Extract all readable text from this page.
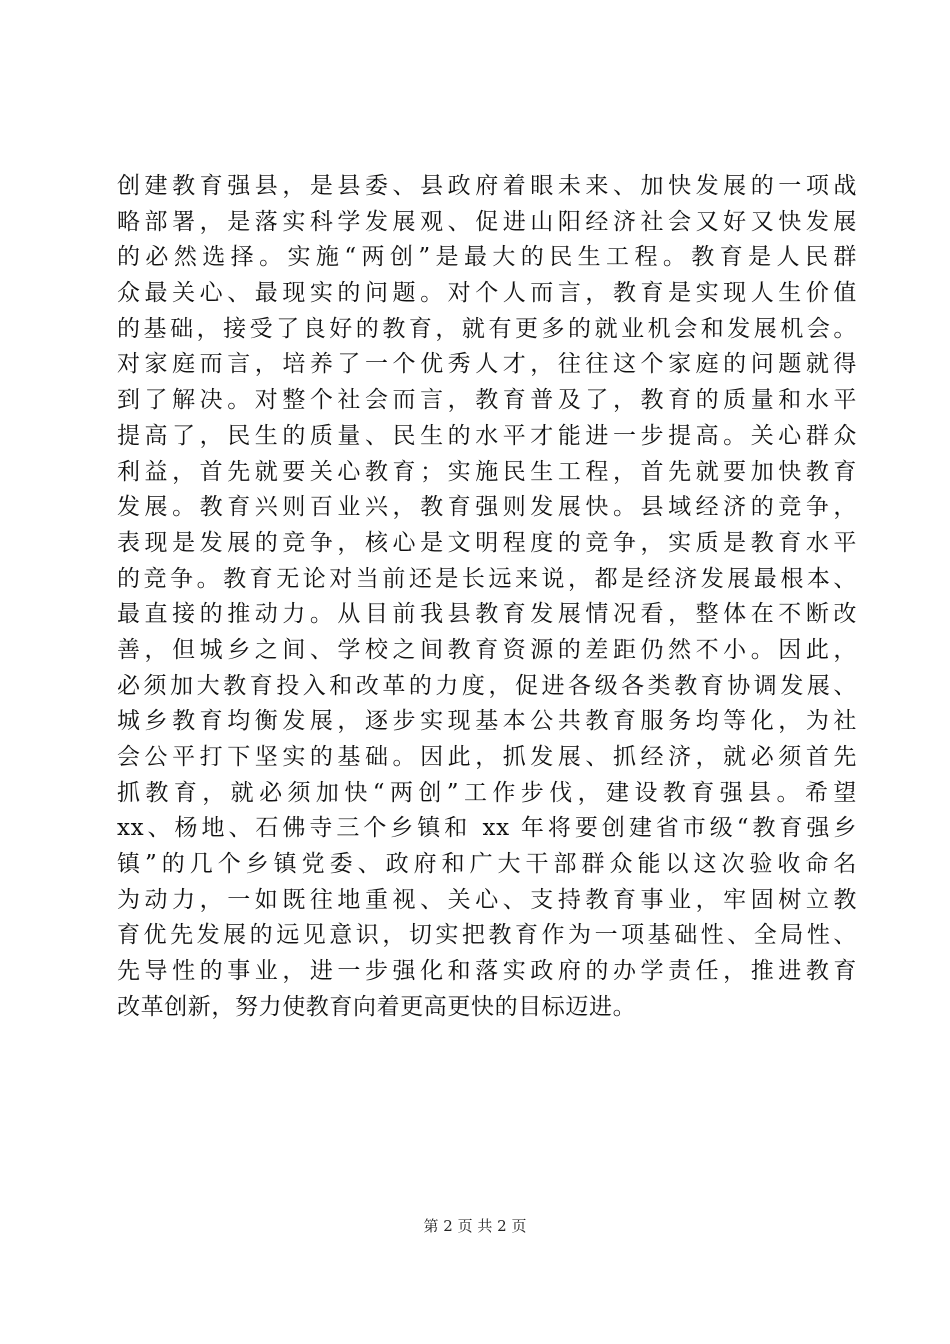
创建教育强县，是县委、县政府着眼未来、加快发展的一项战
略部署，是落实科学发展观、促进山阳经济社会又好又快发展
的必然选择。实施“两创”是最大的民生工程。教育是人民群
众最关心、最现实的问题。对个人而言，教育是实现人生价值
的基础，接受了良好的教育，就有更多的就业机会和发展机会。
对家庭而言，培养了一个优秀人才，往往这个家庭的问题就得
到了解决。对整个社会而言，教育普及了，教育的质量和水平
提高了，民生的质量、民生的水平才能进一步提高。关心群众
利益，首先就要关心教育；实施民生工程，首先就要加快教育
发展。教育兴则百业兴，教育强则发展快。县域经济的竞争，
表现是发展的竞争，核心是文明程度的竞争，实质是教育水平
的竞争。教育无论对当前还是长远来说，都是经济发展最根本、
最直接的推动力。从目前我县教育发展情况看，整体在不断改
善，但城乡之间、学校之间教育资源的差距仍然不小。因此，
必须加大教育投入和改革的力度，促进各级各类教育协调发展、
城乡教育均衡发展，逐步实现基本公共教育服务均等化，为社
会公平打下坚实的基础。因此，抓发展、抓经济，就必须首先
抓教育，就必须加快“两创”工作步伐，建设教育强县。希望
xx、杨地、石佛寺三个乡镇和 xx 年将要创建省市级“教育强乡
镇”的几个乡镇党委、政府和广大干部群众能以这次验收命名
为动力，一如既往地重视、关心、支持教育事业，牢固树立教
育优先发展的远见意识，切实把教育作为一项基础性、全局性、
先导性的事业，进一步强化和落实政府的办学责任，推进教育
改革创新，努力使教育向着更高更快的目标迈进。
第 2 页 共 2 页
